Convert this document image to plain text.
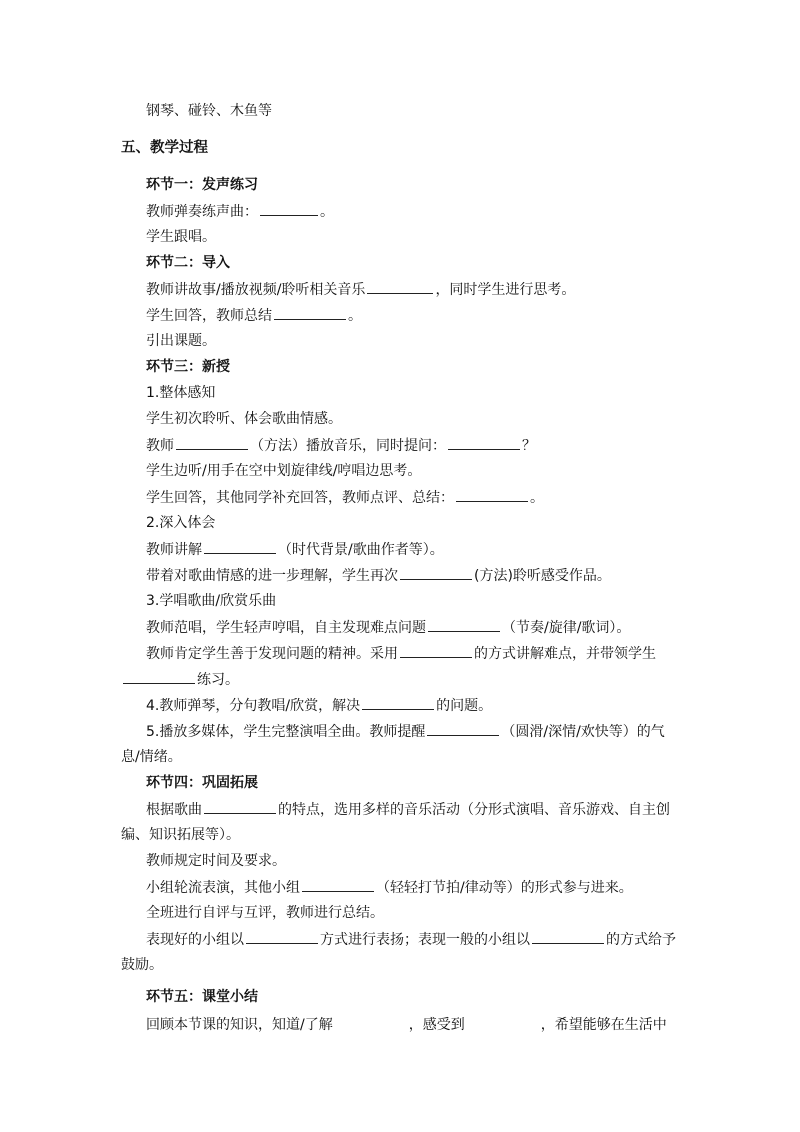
钢琴、碰铃、木鱼等
五、教学过程
环节一：发声练习
教师弹奏练声曲：	。
学生跟唱。
环节二：导入
教师讲故事/播放视频/聆听相关音乐	，同时学生进行思考。
学生回答，教师总结	。
引出课题。
环节三：新授
1.整体感知
学生初次聆听、体会歌曲情感。
教师	（方法）播放音乐，同时提问：	？
学生边听/用手在空中划旋律线/哼唱边思考。
学生回答，其他同学补充回答，教师点评、总结：	。
2.深入体会
教师讲解	（时代背景/歌曲作者等）。
带着对歌曲情感的进一步理解，学生再次	(方法)聆听感受作品。
3.学唱歌曲/欣赏乐曲
教师范唱，学生轻声哼唱，自主发现难点问题	（节奏/旋律/歌词）。
教师肯定学生善于发现问题的精神。采用	的方式讲解难点，并带领学生
练习。
4.教师弹琴，分句教唱/欣赏，解决	的问题。
5.播放多媒体，学生完整演唱全曲。教师提醒	（圆滑/深情/欢快等）的气
息/情绪。
环节四：巩固拓展
根据歌曲	的特点，选用多样的音乐活动（分形式演唱、音乐游戏、自主创
编、知识拓展等）。
教师规定时间及要求。
小组轮流表演，其他小组	（轻轻打节拍/律动等）的形式参与进来。
全班进行自评与互评，教师进行总结。
表现好的小组以	方式进行表扬；表现一般的小组以	的方式给予
鼓励。
环节五：课堂小结
回顾本节课的知识，知道/了解	，感受到	，希望能够在生活中
